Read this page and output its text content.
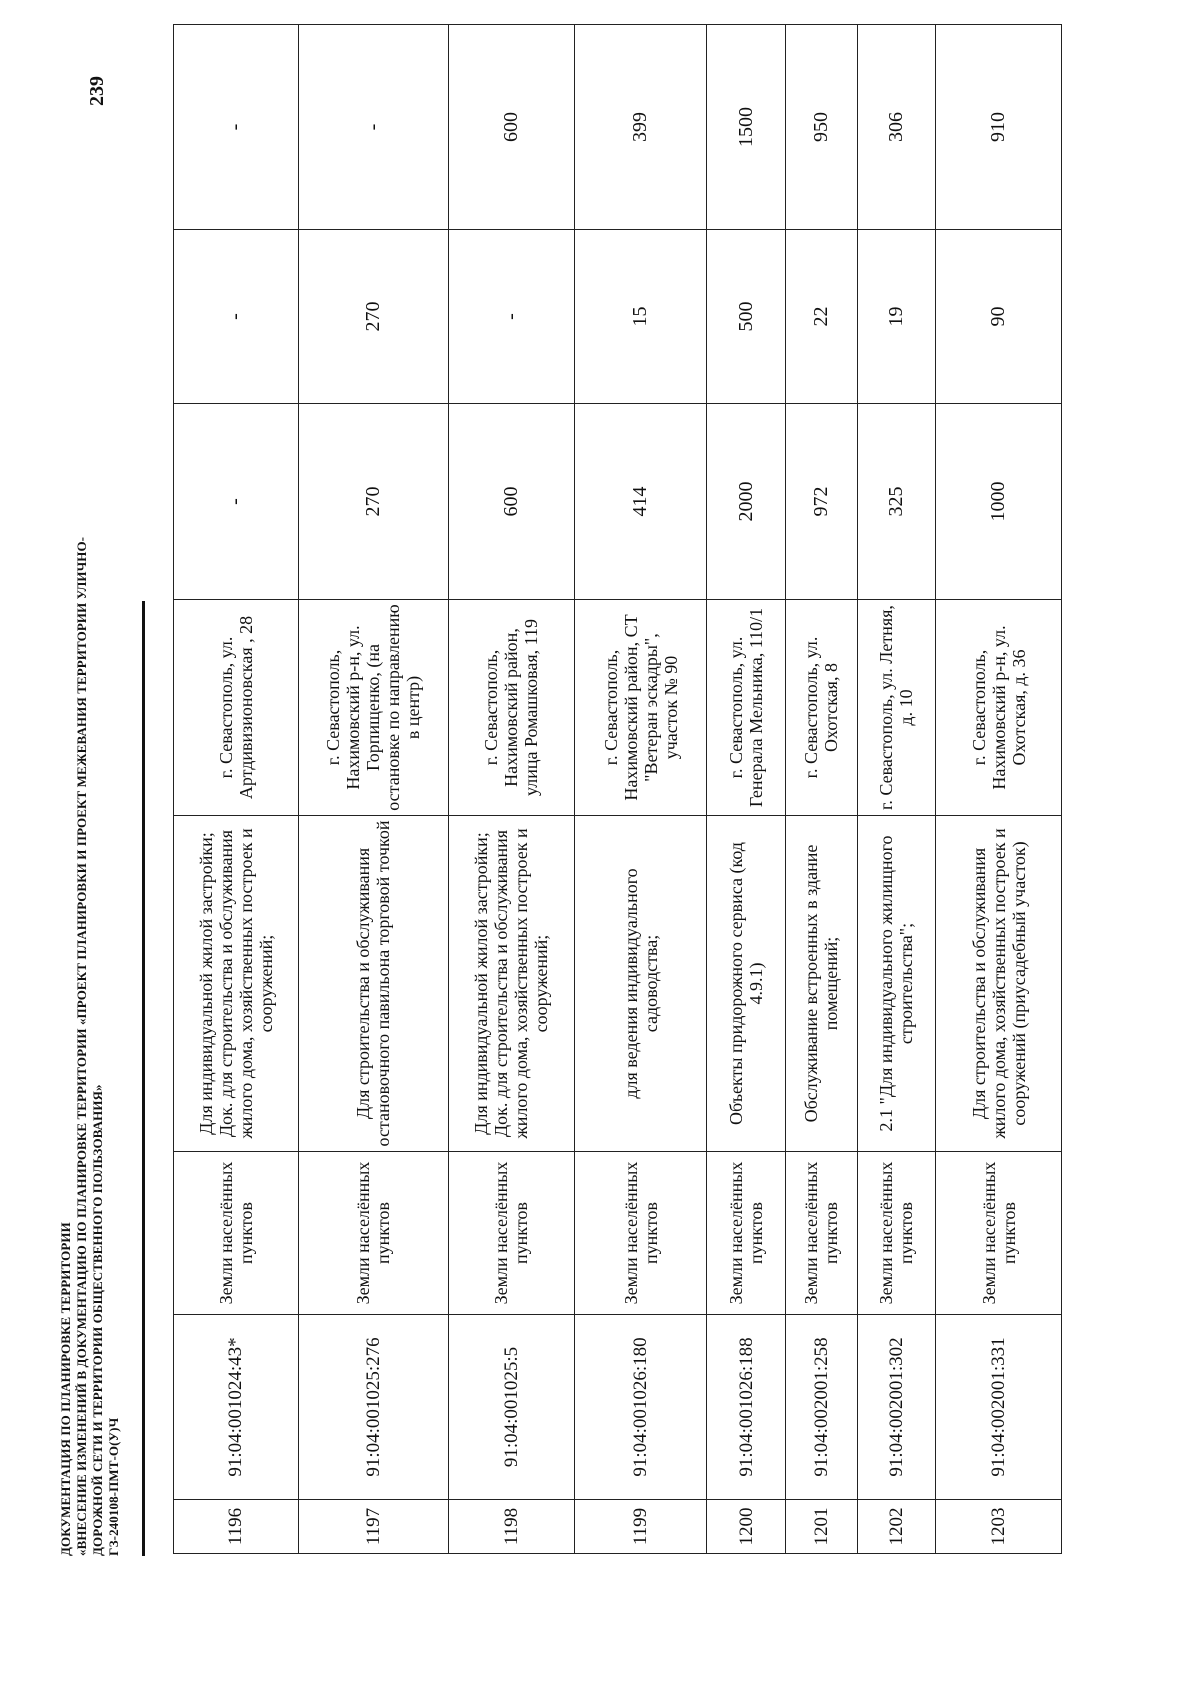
ДОКУМЕНТАЦИЯ ПО ПЛАНИРОВКЕ ТЕРРИТОРИИ «ВНЕСЕНИЕ ИЗМЕНЕНИЙ В ДОКУМЕНТАЦИЮ ПО ПЛАНИРОВКЕ ТЕРРИТОРИИ «ПРОЕКТ ПЛАНИРОВКИ И ПРОЕКТ МЕЖЕВАНИЯ ТЕРРИТОРИИ УЛИЧНО- ДОРОЖНОЙ СЕТИ И ТЕРРИТОРИИ ОБЩЕСТВЕННОГО ПОЛЬЗОВАНИЯ» ГЗ-240108-ПМТ-О(У)Ч
239
1196	91:04:001024:43*	Земли населённых пунктов	Для индивидуальной жилой застройки; Док. для строительства и обслуживания жилого дома, хозяйственных построек и сооружений;	г. Севастополь, ул. Артдивизионовская , 28	-	-	-
1197	91:04:001025:276	Земли населённых пунктов	Для строительства и обслуживания остановочного павильона торговой точкой	г. Севастополь, Нахимовский р-н, ул. Горпищенко, (на остановке по направлению в центр)	270	270	-
1198	91:04:001025:5	Земли населённых пунктов	Для индивидуальной жилой застройки; Док. для строительства и обслуживания жилого дома, хозяйственных построек и сооружений;	г. Севастополь, Нахимовский район, улица Ромашковая, 119	600	-	600
1199	91:04:001026:180	Земли населённых пунктов	для ведения индивидуального садоводства;	г. Севастополь, Нахимовский район, СТ "Ветеран эскадры", участок № 90	414	15	399
1200	91:04:001026:188	Земли населённых пунктов	Объекты придорожного сервиса (код 4.9.1)	г. Севастополь, ул. Генерала Мельника, 110/1	2000	500	1500
1201	91:04:002001:258	Земли населённых пунктов	Обслуживание встроенных в здание помещений;	г. Севастополь, ул. Охотская, 8	972	22	950
1202	91:04:002001:302	Земли населённых пунктов	2.1 "Для индивидуального жилищного строительства";	г. Севастополь, ул. Летняя, д. 10	325	19	306
1203	91:04:002001:331	Земли населённых пунктов	Для строительства и обслуживания жилого дома, хозяйственных построек и сооружений (приусадебный участок)	г. Севастополь, Нахимовский р-н, ул. Охотская, д. 36	1000	90	910
